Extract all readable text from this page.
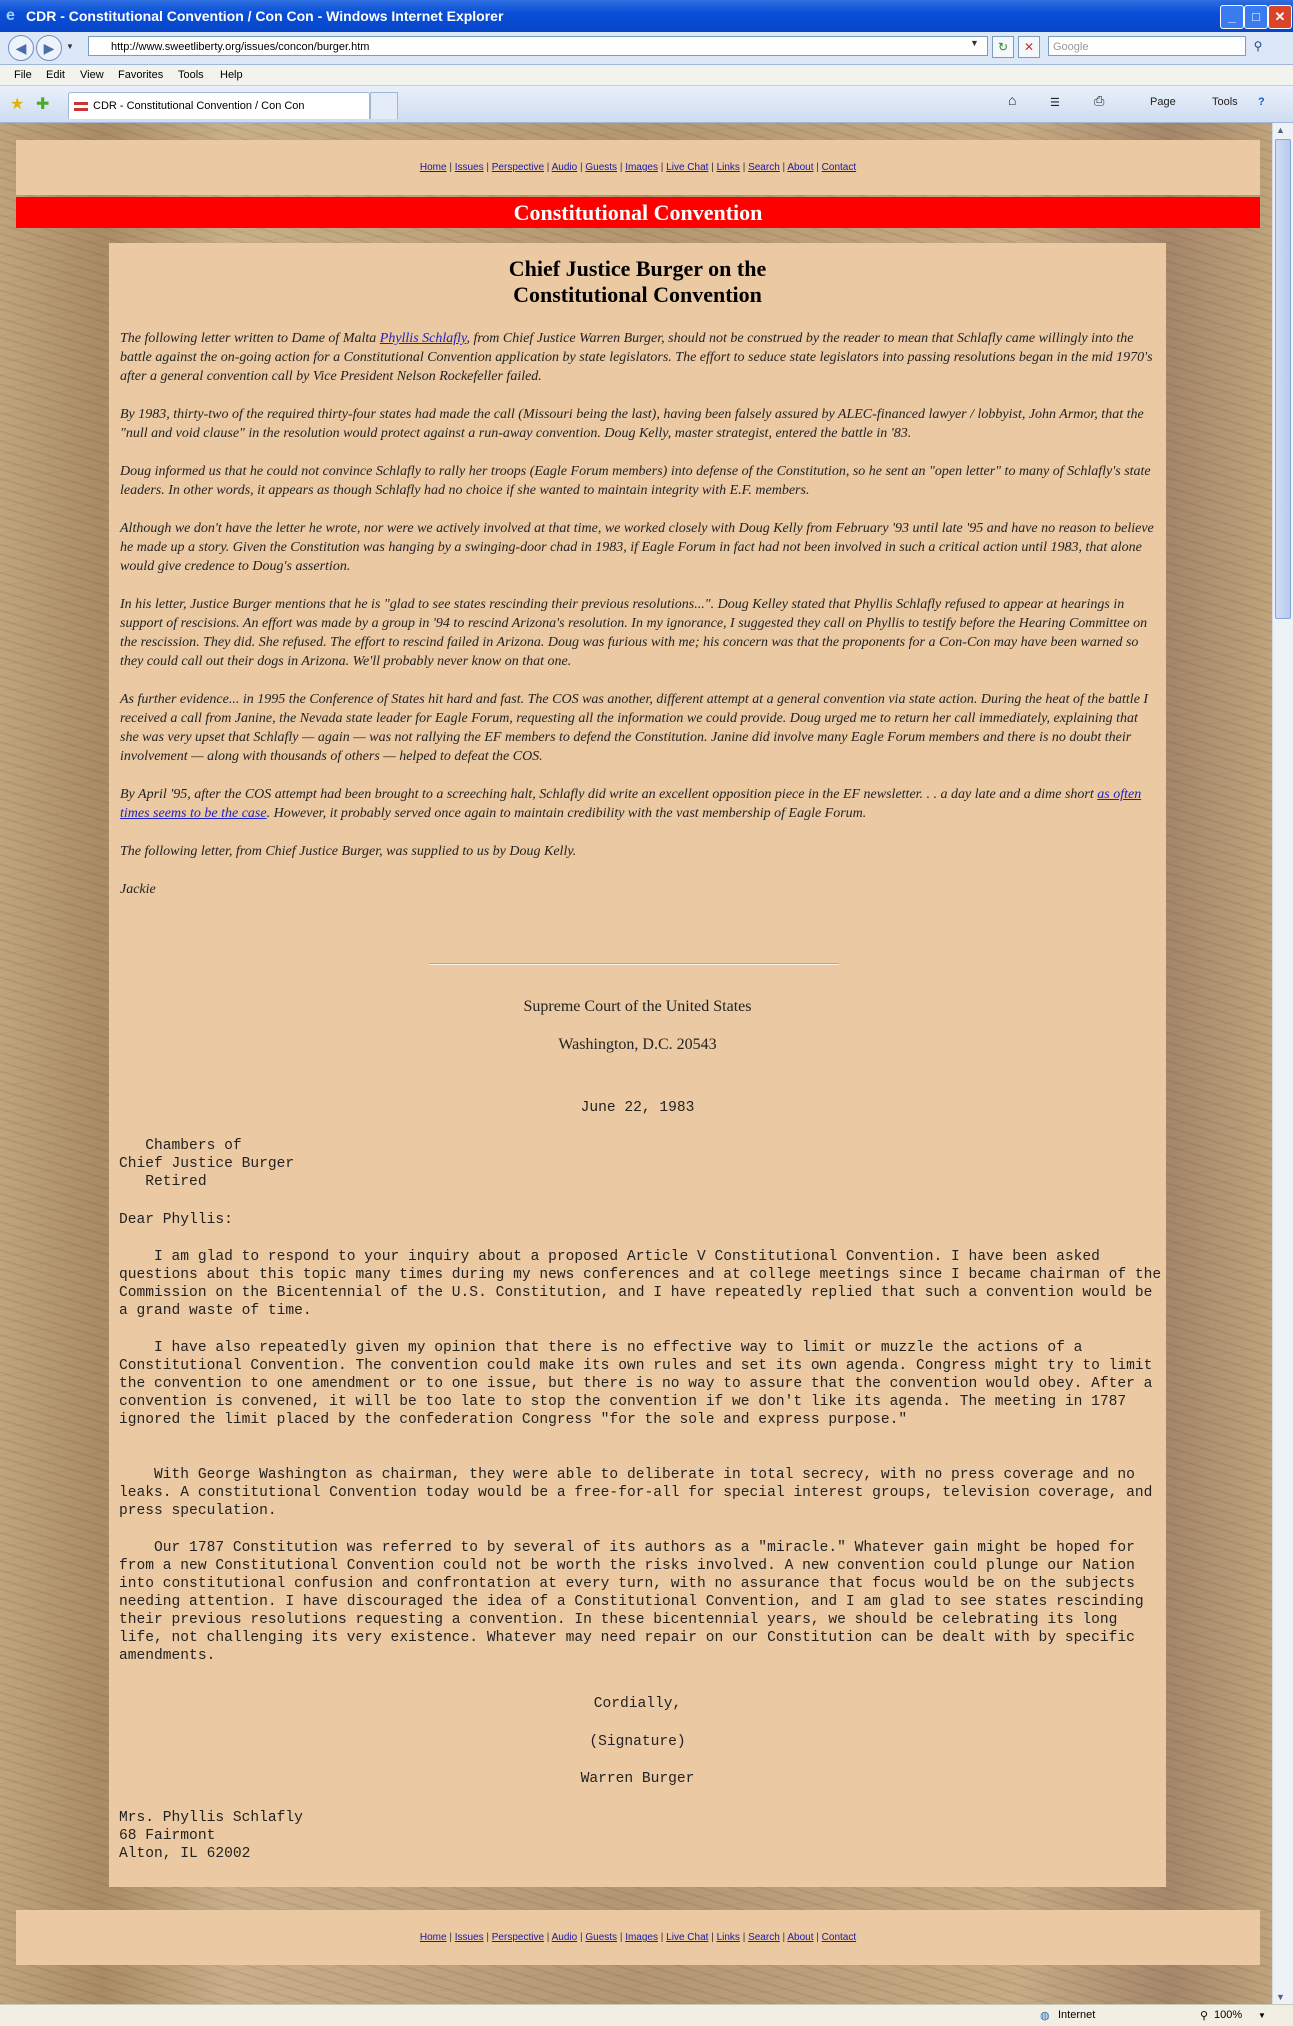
e CDR - Constitutional Convention / Con Con - Windows Internet Explorer	_	□	✕
◀	▶	▼	http://www.sweetliberty.org/issues/concon/burger.htm	▼	↻	✕	Google	⚲
File Edit View Favorites Tools Help
★ ✚	CDR - Constitutional Convention / Con Con	⌂	☰	⎙	Page	Tools ?
Home | Issues | Perspective | Audio | Guests | Images | Live Chat | Links | Search | About | Contact
Constitutional Convention
Chief Justice Burger on the
Constitutional Convention

The following letter written to Dame of Malta Phyllis Schlafly, from Chief Justice Warren Burger, should not be construed by the reader to mean that Schlafly came willingly into the battle against the on-going action for a Constitutional Convention application by state legislators. The effort to seduce state legislators into passing resolutions began in the mid 1970's after a general convention call by Vice President Nelson Rockefeller failed.

By 1983, thirty-two of the required thirty-four states had made the call (Missouri being the last), having been falsely assured by ALEC-financed lawyer / lobbyist, John Armor, that the "null and void clause" in the resolution would protect against a run-away convention. Doug Kelly, master strategist, entered the battle in '83.

Doug informed us that he could not convince Schlafly to rally her troops (Eagle Forum members) into defense of the Constitution, so he sent an "open letter" to many of Schlafly's state leaders. In other words, it appears as though Schlafly had no choice if she wanted to maintain integrity with E.F. members.

Although we don't have the letter he wrote, nor were we actively involved at that time, we worked closely with Doug Kelly from February '93 until late '95 and have no reason to believe he made up a story. Given the Constitution was hanging by a swinging-door chad in 1983, if Eagle Forum in fact had not been involved in such a critical action until 1983, that alone would give credence to Doug's assertion.

In his letter, Justice Burger mentions that he is "glad to see states rescinding their previous resolutions...". Doug Kelley stated that Phyllis Schlafly refused to appear at hearings in support of rescisions. An effort was made by a group in '94 to rescind Arizona's resolution. In my ignorance, I suggested they call on Phyllis to testify before the Hearing Committee on the rescission. They did. She refused. The effort to rescind failed in Arizona. Doug was furious with me; his concern was that the proponents for a Con-Con may have been warned so they could call out their dogs in Arizona. We'll probably never know on that one.

As further evidence... in 1995 the Conference of States hit hard and fast. The COS was another, different attempt at a general convention via state action. During the heat of the battle I received a call from Janine, the Nevada state leader for Eagle Forum, requesting all the information we could provide. Doug urged me to return her call immediately, explaining that she was very upset that Schlafly — again — was not rallying the EF members to defend the Constitution. Janine did involve many Eagle Forum members and there is no doubt their involvement — along with thousands of others — helped to defeat the COS.

By April '95, after the COS attempt had been brought to a screeching halt, Schlafly did write an excellent opposition piece in the EF newsletter. . . a day late and a dime short as often times seems to be the case. However, it probably served once again to maintain credibility with the vast membership of Eagle Forum.

The following letter, from Chief Justice Burger, was supplied to us by Doug Kelly.

Jackie

Supreme Court of the United States
Washington, D.C. 20543
June 22, 1983
Chambers of
Chief Justice Burger
Retired
Dear Phyllis:

I am glad to respond to your inquiry about a proposed Article V Constitutional Convention. I have been asked questions about this topic many times during my news conferences and at college meetings since I became chairman of the Commission on the Bicentennial of the U.S. Constitution, and I have repeatedly replied that such a convention would be a grand waste of time.

I have also repeatedly given my opinion that there is no effective way to limit or muzzle the actions of a Constitutional Convention. The convention could make its own rules and set its own agenda. Congress might try to limit the convention to one amendment or to one issue, but there is no way to assure that the convention would obey. After a convention is convened, it will be too late to stop the convention if we don't like its agenda. The meeting in 1787 ignored the limit placed by the confederation Congress "for the sole and express purpose."

With George Washington as chairman, they were able to deliberate in total secrecy, with no press coverage and no leaks. A constitutional Convention today would be a free-for-all for special interest groups, television coverage, and press speculation.

Our 1787 Constitution was referred to by several of its authors as a "miracle." Whatever gain might be hoped for from a new Constitutional Convention could not be worth the risks involved. A new convention could plunge our Nation into constitutional confusion and confrontation at every turn, with no assurance that focus would be on the subjects needing attention. I have discouraged the idea of a Constitutional Convention, and I am glad to see states rescinding their previous resolutions requesting a convention. In these bicentennial years, we should be celebrating its long life, not challenging its very existence. Whatever may need repair on our Constitution can be dealt with by specific amendments.

Cordially,
(Signature)
Warren Burger
Mrs. Phyllis Schlafly
68 Fairmont
Alton, IL 62002
Home | Issues | Perspective | Audio | Guests | Images | Live Chat | Links | Search | About | Contact
▲
▼
◍ Internet	⚲ 100% ▼
